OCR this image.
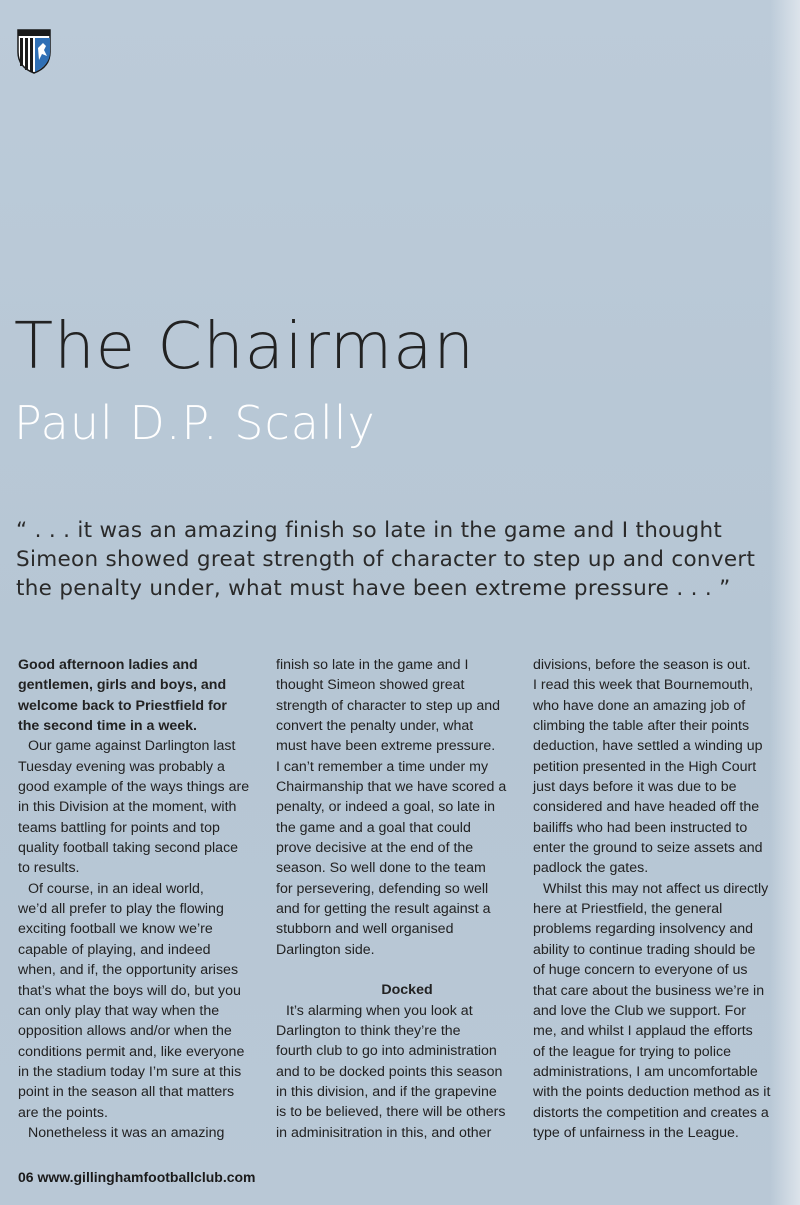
The Chairman
Paul D.P. Scally
“ . . . it was an amazing finish so late in the game and I thought
Simeon showed great strength of character to step up and convert
the penalty under, what must have been extreme pressure . . . ”
Good afternoon ladies and
gentlemen, girls and boys, and
welcome back to Priestfield for
the second time in a week.
Our game against Darlington last
Tuesday evening was probably a
good example of the ways things are
in this Division at the moment, with
teams battling for points and top
quality football taking second place
to results.
Of course, in an ideal world,
we’d all prefer to play the flowing
exciting football we know we’re
capable of playing, and indeed
when, and if, the opportunity arises
that’s what the boys will do, but you
can only play that way when the
opposition allows and/or when the
conditions permit and, like everyone
in the stadium today I’m sure at this
point in the season all that matters
are the points.
Nonetheless it was an amazing
finish so late in the game and I
thought Simeon showed great
strength of character to step up and
convert the penalty under, what
must have been extreme pressure.
I can’t remember a time under my
Chairmanship that we have scored a
penalty, or indeed a goal, so late in
the game and a goal that could
prove decisive at the end of the
season. So well done to the team
for persevering, defending so well
and for getting the result against a
stubborn and well organised
Darlington side.
Docked
It’s alarming when you look at
Darlington to think they’re the
fourth club to go into administration
and to be docked points this season
in this division, and if the grapevine
is to be believed, there will be others
in adminisitration in this, and other
divisions, before the season is out.
I read this week that Bournemouth,
who have done an amazing job of
climbing the table after their points
deduction, have settled a winding up
petition presented in the High Court
just days before it was due to be
considered and have headed off the
bailiffs who had been instructed to
enter the ground to seize assets and
padlock the gates.
Whilst this may not affect us directly
here at Priestfield, the general
problems regarding insolvency and
ability to continue trading should be
of huge concern to everyone of us
that care about the business we’re in
and love the Club we support. For
me, and whilst I applaud the efforts
of the league for trying to police
administrations, I am uncomfortable
with the points deduction method as it
distorts the competition and creates a
type of unfairness in the League.
06 www.gillinghamfootballclub.com
